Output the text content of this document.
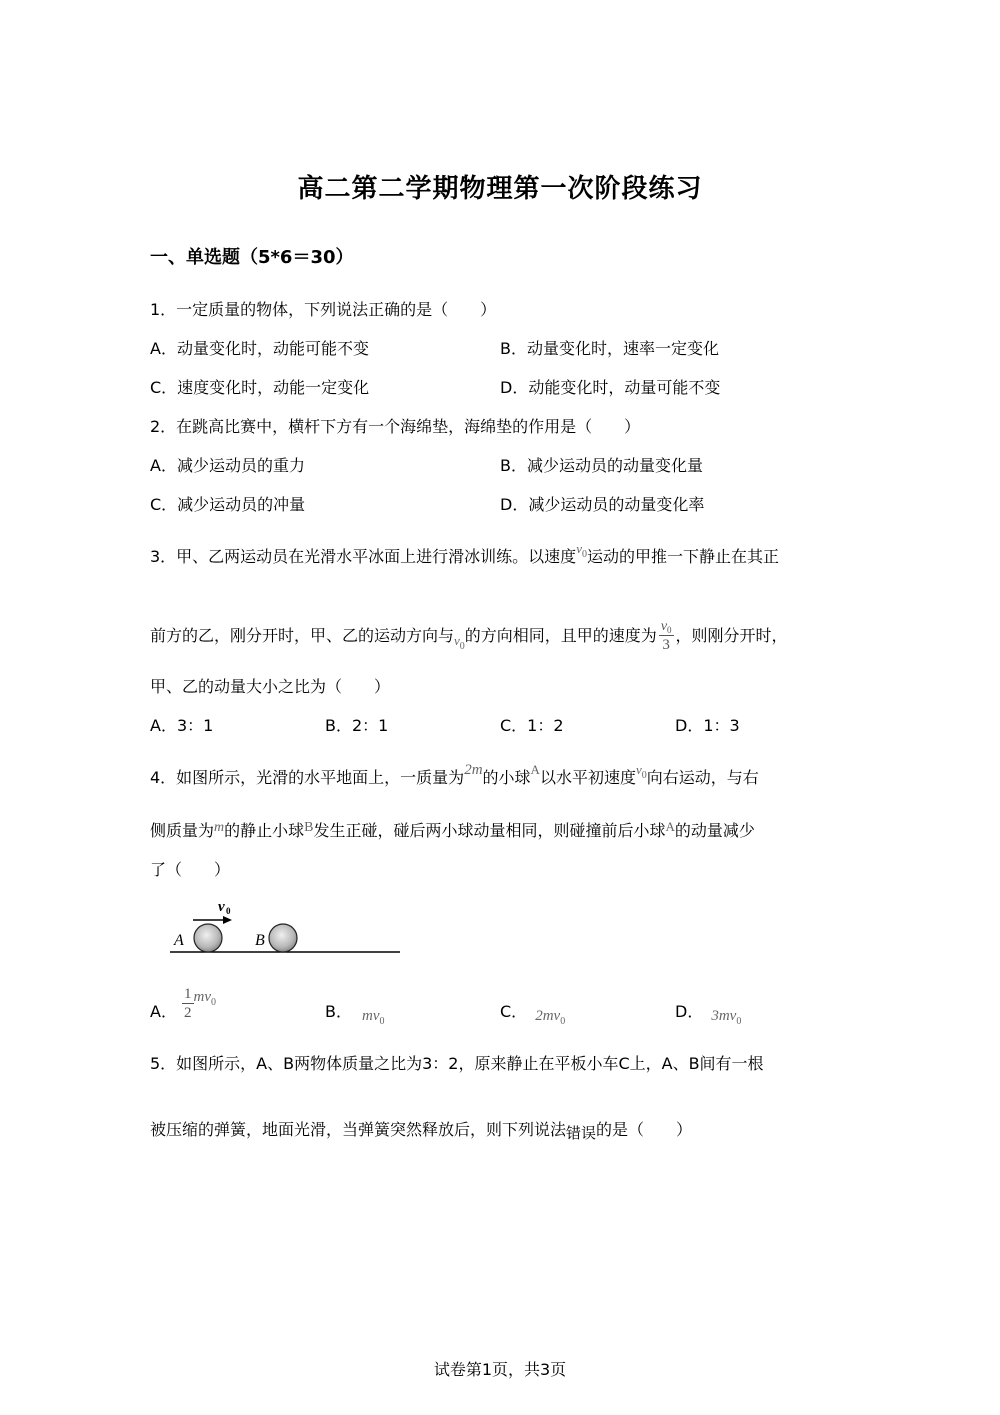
高二第二学期物理第一次阶段练习
一、单选题（5*6＝30）
1．一定质量的物体，下列说法正确的是（　　）
A．动量变化时，动能可能不变	B．动量变化时，速率一定变化
C．速度变化时，动能一定变化	D．动能变化时，动量可能不变
2．在跳高比赛中，横杆下方有一个海绵垫，海绵垫的作用是（　　）
A．减少运动员的重力	B．减少运动员的动量变化量
C．减少运动员的冲量	D．减少运动员的动量变化率
3．甲、乙两运动员在光滑水平冰面上进行滑冰训练。以速度$^{v_0}$运动的甲推一下静止在其正
前方的乙，刚分开时，甲、乙的运动方向与$_{v_0}$的方向相同，且甲的速度为 $\frac{v_0}{3}$ ，则刚分开时，
甲、乙的动量大小之比为（　　）
A．3：1	B．2：1	C．1：2	D．1：3
4．如图所示，光滑的水平地面上，一质量为2m的小球$^A$以水平初速度$^{v_0}$向右运动，与右
侧质量为m的静止小球B发生正碰，碰后两小球动量相同，则碰撞前后小球$^A$的动量减少
了（　　）
A	B
v 0
A． $\frac{1}{2} mv_0$	B． $mv_0$
C． $2mv_0$
D． $3mv_0$
5．如图所示，A、B两物体质量之比为3：2，原来静止在平板小车C上，A、B间有一根
被压缩的弹簧，地面光滑，当弹簧突然释放后，则下列说法错误的是（　　）
试卷第1页，共3页
